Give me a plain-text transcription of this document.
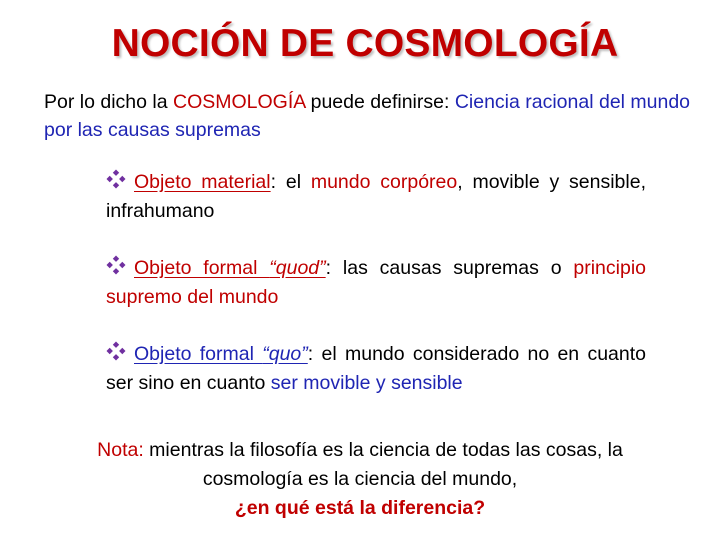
NOCIÓN DE COSMOLOGÍA
Por lo dicho la COSMOLOGÍA puede definirse: Ciencia racional del mundo por las causas supremas
Objeto material: el mundo corpóreo, movible y sensible, infrahumano
Objeto formal “quod”: las causas supremas o principio supremo del mundo
Objeto formal “quo”: el mundo considerado no en cuanto ser sino en cuanto ser movible y sensible
Nota: mientras la filosofía es la ciencia de todas las cosas, la cosmología es la ciencia del mundo,
¿en qué está la diferencia?
